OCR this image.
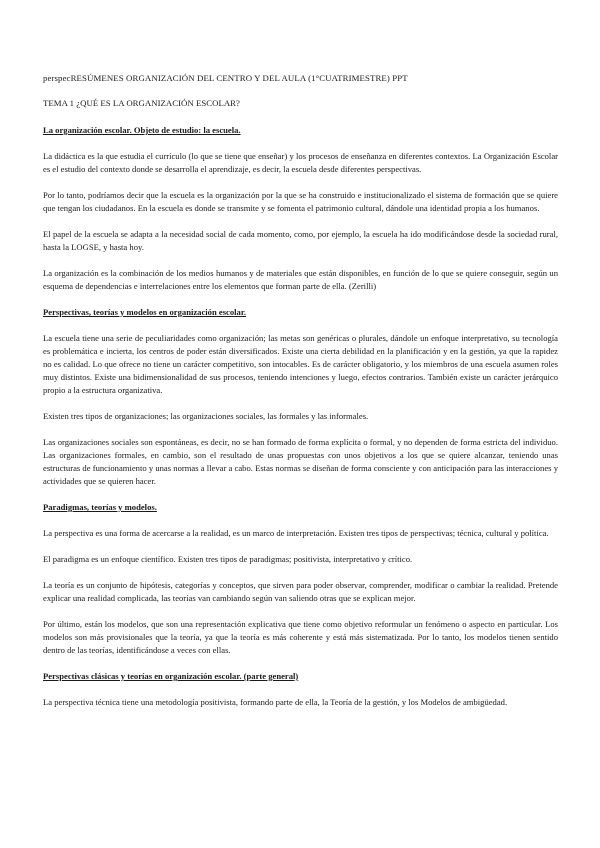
perspecRESÚMENES ORGANIZACIÓN DEL CENTRO Y DEL AULA (1°CUATRIMESTRE) PPT
TEMA 1 ¿QUÉ ES LA ORGANIZACIÓN ESCOLAR?
La organización escolar. Objeto de estudio: la escuela.

La didáctica es la que estudia el currículo (lo que se tiene que enseñar) y los procesos de enseñanza en diferentes contextos. La Organización Escolar es el estudio del contexto donde se desarrolla el aprendizaje, es decir, la escuela desde diferentes perspectivas.

Por lo tanto, podríamos decir que la escuela es la organización por la que se ha construido e institucionalizado el sistema de formación que se quiere que tengan los ciudadanos. En la escuela es donde se transmite y se fomenta el patrimonio cultural, dándole una identidad propia a los humanos.

El papel de la escuela se adapta a la necesidad social de cada momento, como, por ejemplo, la escuela ha ido modificándose desde la sociedad rural, hasta la LOGSE, y hasta hoy.

La organización es la combinación de los medios humanos y de materiales que están disponibles, en función de lo que se quiere conseguir, según un esquema de dependencias e interrelaciones entre los elementos que forman parte de ella. (Zerilli)

Perspectivas, teorías y modelos en organización escolar.

La escuela tiene una serie de peculiaridades como organización; las metas son genéricas o plurales, dándole un enfoque interpretativo, su tecnología es problemática e incierta, los centros de poder están diversificados. Existe una cierta debilidad en la planificación y en la gestión, ya que la rapidez no es calidad. Lo que ofrece no tiene un carácter competitivo, son intocables. Es de carácter obligatorio, y los miembros de una escuela asumen roles muy distintos. Existe una bidimensionalidad de sus procesos, teniendo intenciones y luego, efectos contrarios. También existe un carácter jerárquico propio a la estructura organizativa.

Existen tres tipos de organizaciones; las organizaciones sociales, las formales y las informales.

Las organizaciones sociales son espontáneas, es decir, no se han formado de forma explícita o formal, y no dependen de forma estricta del individuo. Las organizaciones formales, en cambio, son el resultado de unas propuestas con unos objetivos a los que se quiere alcanzar, teniendo unas estructuras de funcionamiento y unas normas a llevar a cabo. Estas normas se diseñan de forma consciente y con anticipación para las interacciones y actividades que se quieren hacer.

Paradigmas, teorías y modelos.

La perspectiva es una forma de acercarse a la realidad, es un marco de interpretación. Existen tres tipos de perspectivas; técnica, cultural y política.

El paradigma es un enfoque científico. Existen tres tipos de paradigmas; positivista, interpretativo y crítico.

La teoría es un conjunto de hipótesis, categorías y conceptos, que sirven para poder observar, comprender, modificar o cambiar la realidad. Pretende explicar una realidad complicada, las teorías van cambiando según van saliendo otras que se explican mejor.

Por último, están los modelos, que son una representación explicativa que tiene como objetivo reformular un fenómeno o aspecto en particular. Los modelos son más provisionales que la teoría, ya que la teoría es más coherente y está más sistematizada. Por lo tanto, los modelos tienen sentido dentro de las teorías, identificándose a veces con ellas.

Perspectivas clásicas y teorías en organización escolar. (parte general)

La perspectiva técnica tiene una metodología positivista, formando parte de ella, la Teoría de la gestión, y los Modelos de ambigüedad.
